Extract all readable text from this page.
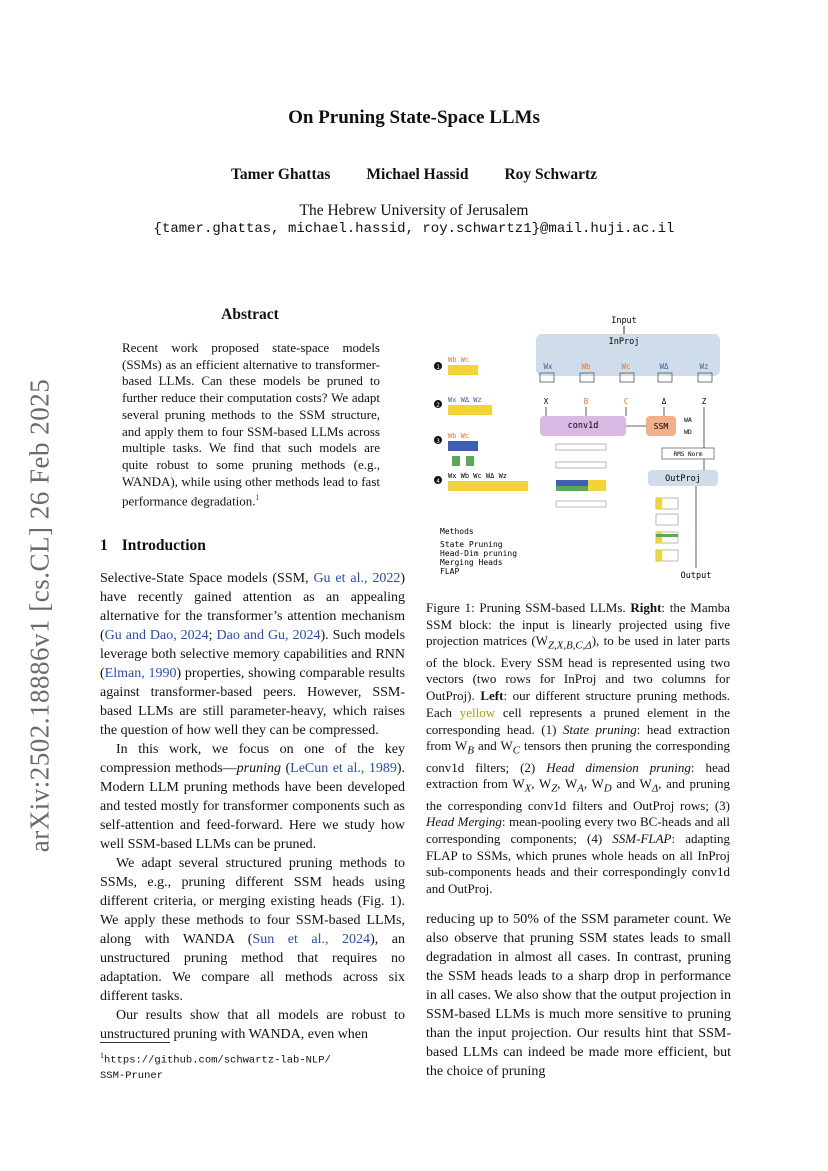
arXiv:2502.18886v1 [cs.CL] 26 Feb 2025
On Pruning State-Space LLMs
Tamer Ghattas Michael Hassid Roy Schwartz
The Hebrew University of Jerusalem
{tamer.ghattas, michael.hassid, roy.schwartz1}@mail.huji.ac.il
Abstract
Recent work proposed state-space models (SSMs) as an efficient alternative to transformer-based LLMs. Can these models be pruned to further reduce their computation costs? We adapt several pruning methods to the SSM structure, and apply them to four SSM-based LLMs across multiple tasks. We find that such models are quite robust to some pruning methods (e.g., WANDA), while using other methods lead to fast performance degradation.$^1$
1 Introduction

Selective-State Space models (SSM, Gu et al., 2022) have recently gained attention as an appealing alternative for the transformer’s attention mechanism (Gu and Dao, 2024; Dao and Gu, 2024). Such models leverage both selective memory capabilities and RNN (Elman, 1990) properties, showing comparable results against transformer-based peers. However, SSM-based LLMs are still parameter-heavy, which raises the question of how well they can be compressed.

In this work, we focus on one of the key compression methods—pruning (LeCun et al., 1989). Modern LLM pruning methods have been developed and tested mostly for transformer components such as self-attention and feed-forward. Here we study how well SSM-based LLMs can be pruned.

We adapt several structured pruning methods to SSMs, e.g., pruning different SSM heads using different criteria, or merging existing heads (Fig. 1). We apply these methods to four SSM-based LLMs, along with WANDA (Sun et al., 2024), an unstructured pruning method that requires no adaptation. We compare all methods across six different tasks.

Our results show that all models are robust to unstructured pruning with WANDA, even when

$^1$https://github.com/schwartz-lab-NLP/
SSM-Pruner
Input
InProj
Wx	Wb	Wc	WΔ	Wz
X	B	C	Δ	Z
conv1d	SSM
WA
WD
RMS Norm
OutProj
Output
1
Wb Wc
2
Wx WΔ Wz
3
Wb Wc
4
Wx Wb Wc WΔ Wz
Methods
State Pruning
Head-Dim pruning
Merging Heads
FLAP
Figure 1: Pruning SSM-based LLMs. Right: the Mamba SSM block: the input is linearly projected using five projection matrices $(W_{Z,X,B,C,\Delta})$, to be used in later parts of the block. Every SSM head is represented using two vectors (two rows for InProj and two columns for OutProj). Left: our different structure pruning methods. Each yellow cell represents a pruned element in the corresponding head. (1) State pruning: head extraction from $W_B$ and $W_C$ tensors then pruning the corresponding conv1d filters; (2) Head dimension pruning: head extraction from $W_X$, $W_Z$, $W_A$, $W_D$ and $W_\Delta$, and pruning the corresponding conv1d filters and OutProj rows; (3) Head Merging: mean-pooling every two BC-heads and all corresponding components; (4) SSM-FLAP: adapting FLAP to SSMs, which prunes whole heads on all InProj sub-components heads and their correspondingly conv1d and OutProj.
reducing up to 50% of the SSM parameter count. We also observe that pruning SSM states leads to small degradation in almost all cases. In contrast, pruning the SSM heads leads to a sharp drop in performance in all cases. We also show that the output projection in SSM-based LLMs is much more sensitive to pruning than the input projection. Our results hint that SSM-based LLMs can indeed be made more efficient, but the choice of pruning
